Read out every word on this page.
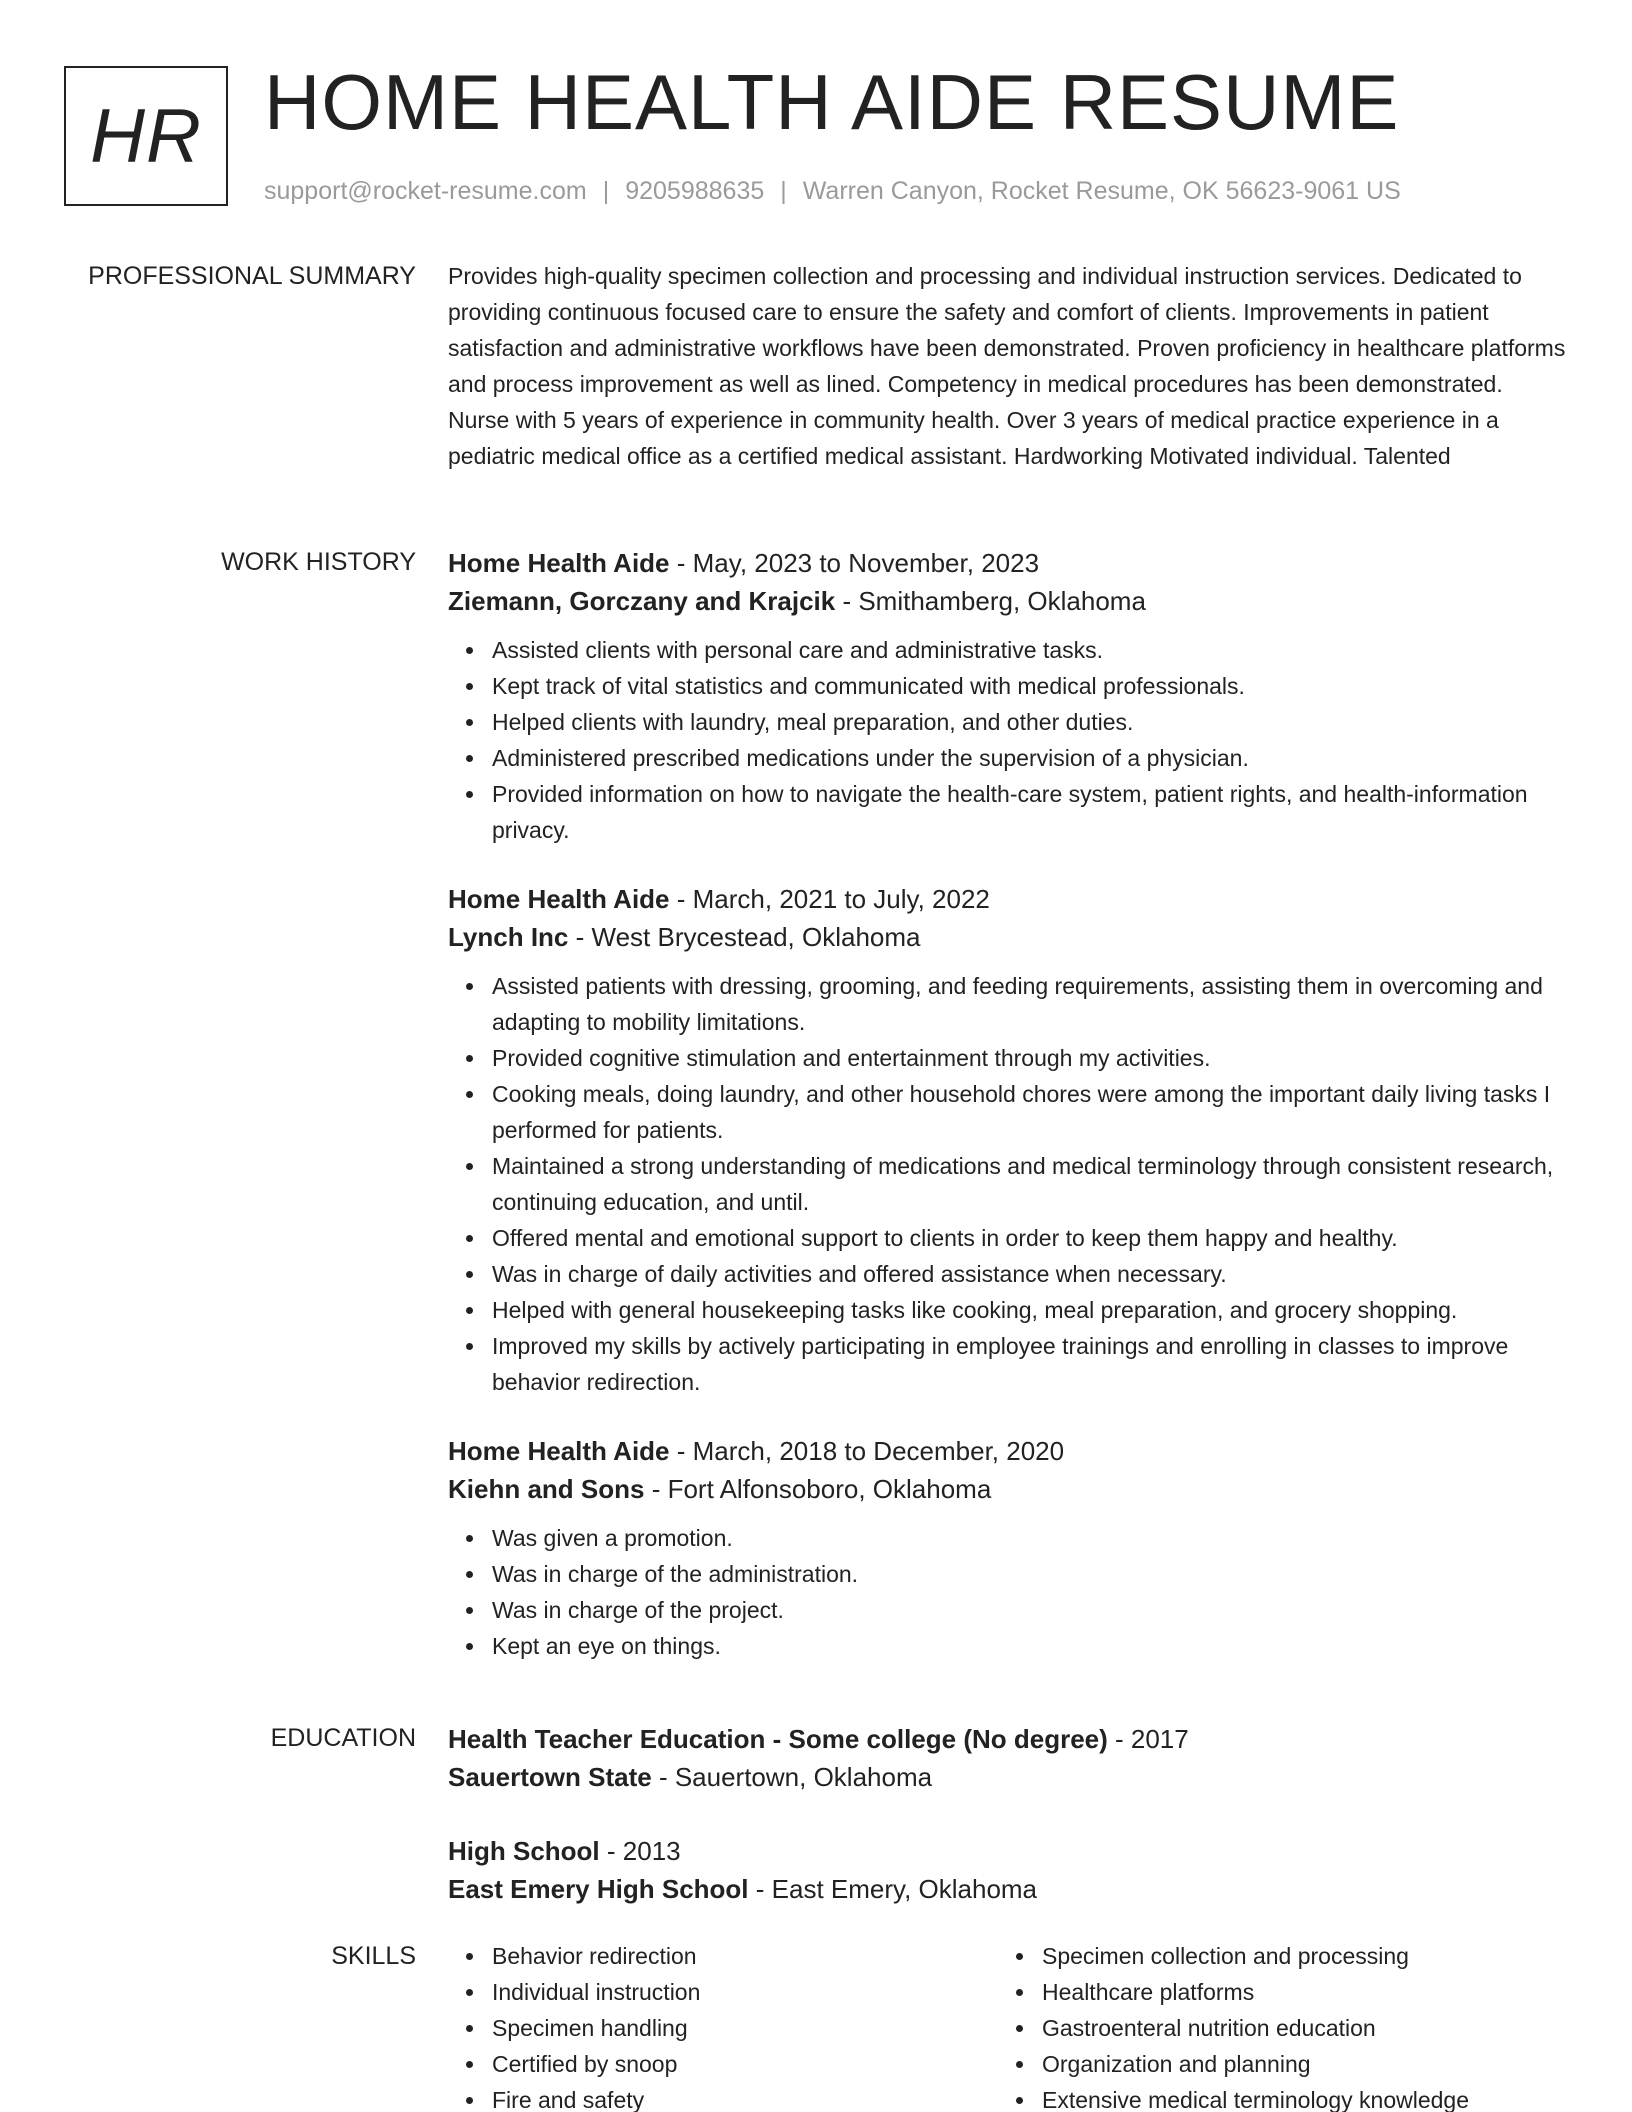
HR HOME HEALTH AIDE RESUME
support@rocket-resume.com | 9205988635 | Warren Canyon, Rocket Resume, OK 56623-9061 US
PROFESSIONAL SUMMARY Provides high-quality specimen collection and processing and individual instruction services. Dedicated to providing continuous focused care to ensure the safety and comfort of clients. Improvements in patient satisfaction and administrative workflows have been demonstrated. Proven proficiency in healthcare platforms and process improvement as well as lined. Competency in medical procedures has been demonstrated. Nurse with 5 years of experience in community health. Over 3 years of medical practice experience in a pediatric medical office as a certified medical assistant. Hardworking Motivated individual. Talented

WORK HISTORY Home Health Aide - May, 2023 to November, 2023
Ziemann, Gorczany and Krajcik - Smithamberg, Oklahoma
Assisted clients with personal care and administrative tasks.
Kept track of vital statistics and communicated with medical professionals.
Helped clients with laundry, meal preparation, and other duties.
Administered prescribed medications under the supervision of a physician.
Provided information on how to navigate the health-care system, patient rights, and health-information privacy.
Home Health Aide - March, 2021 to July, 2022
Lynch Inc - West Brycestead, Oklahoma
Assisted patients with dressing, grooming, and feeding requirements, assisting them in overcoming and adapting to mobility limitations.
Provided cognitive stimulation and entertainment through my activities.
Cooking meals, doing laundry, and other household chores were among the important daily living tasks I performed for patients.
Maintained a strong understanding of medications and medical terminology through consistent research, continuing education, and until.
Offered mental and emotional support to clients in order to keep them happy and healthy.
Was in charge of daily activities and offered assistance when necessary.
Helped with general housekeeping tasks like cooking, meal preparation, and grocery shopping.
Improved my skills by actively participating in employee trainings and enrolling in classes to improve behavior redirection.
Home Health Aide - March, 2018 to December, 2020
Kiehn and Sons - Fort Alfonsoboro, Oklahoma
Was given a promotion.
Was in charge of the administration.
Was in charge of the project.
Kept an eye on things.
EDUCATION Health Teacher Education - Some college (No degree) - 2017
Sauertown State - Sauertown, Oklahoma
High School - 2013
East Emery High School - East Emery, Oklahoma
SKILLS	Behavior redirection
Individual instruction
Specimen handling
Certified by snoop
Fire and safety
Specimen collection and processing
Healthcare platforms
Gastroenteral nutrition education
Organization and planning
Extensive medical terminology knowledge
